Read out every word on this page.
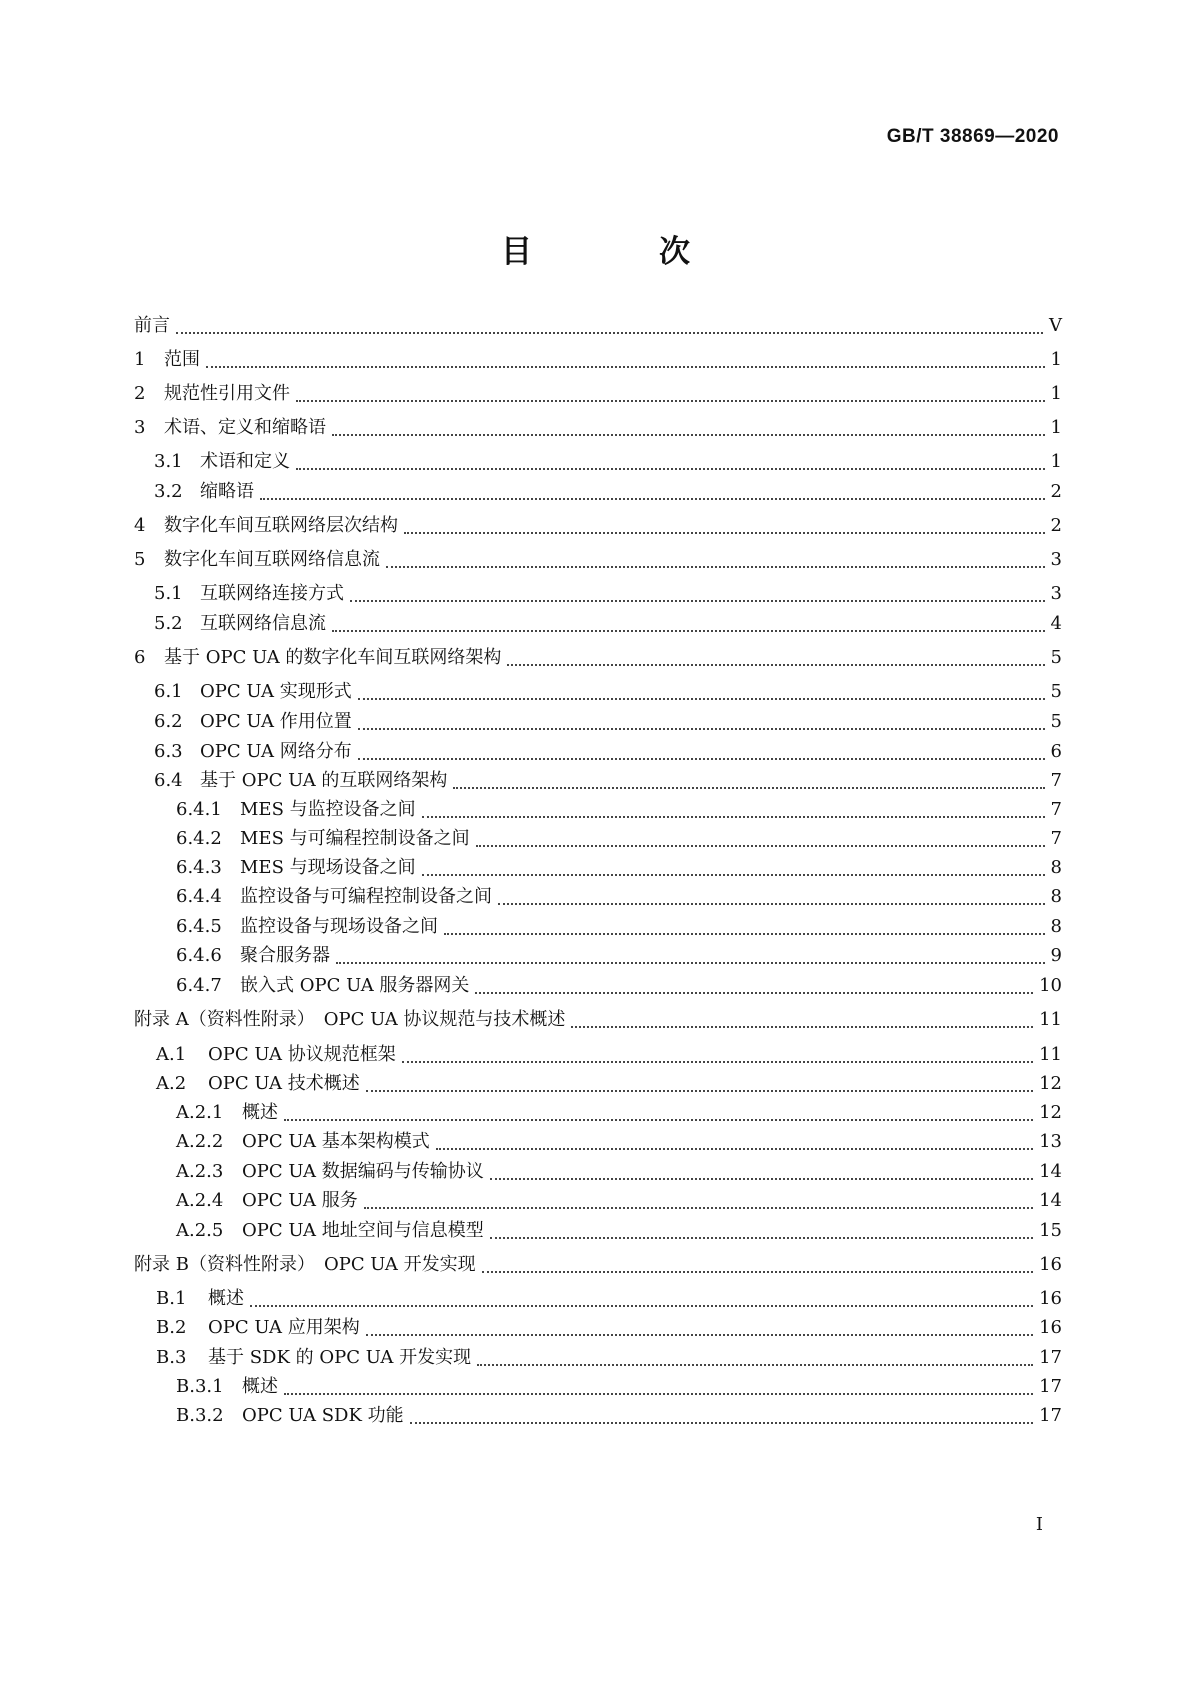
GB/T 38869—2020
目　次
前言	Ⅴ
1	范围	1
2	规范性引用文件	1
3	术语、定义和缩略语	1
3.1 术语和定义	1
3.2 缩略语	2
4	数字化车间互联网络层次结构	2
5	数字化车间互联网络信息流	3
5.1 互联网络连接方式	3
5.2 互联网络信息流	4
6	基于 OPC UA 的数字化车间互联网络架构	5
6.1 OPC UA 实现形式	5
6.2 OPC UA 作用位置	5
6.3 OPC UA 网络分布	6
6.4 基于 OPC UA 的互联网络架构	7
6.4.1	MES 与监控设备之间	7
6.4.2	MES 与可编程控制设备之间	7
6.4.3	MES 与现场设备之间	8
6.4.4	监控设备与可编程控制设备之间	8
6.4.5	监控设备与现场设备之间	8
6.4.6	聚合服务器	9
6.4.7	嵌入式 OPC UA 服务器网关	10
附录 A（资料性附录）　OPC UA 协议规范与技术概述	11
A.1	OPC UA 协议规范框架	11
A.2	OPC UA 技术概述	12
A.2.1	概述	12
A.2.2	OPC UA 基本架构模式	13
A.2.3	OPC UA 数据编码与传输协议	14
A.2.4	OPC UA 服务	14
A.2.5	OPC UA 地址空间与信息模型	15
附录 B（资料性附录）　OPC UA 开发实现	16
B.1	概述	16
B.2	OPC UA 应用架构	16
B.3	基于 SDK 的 OPC UA 开发实现	17
B.3.1	概述	17
B.3.2	OPC UA SDK 功能	17
Ⅰ
